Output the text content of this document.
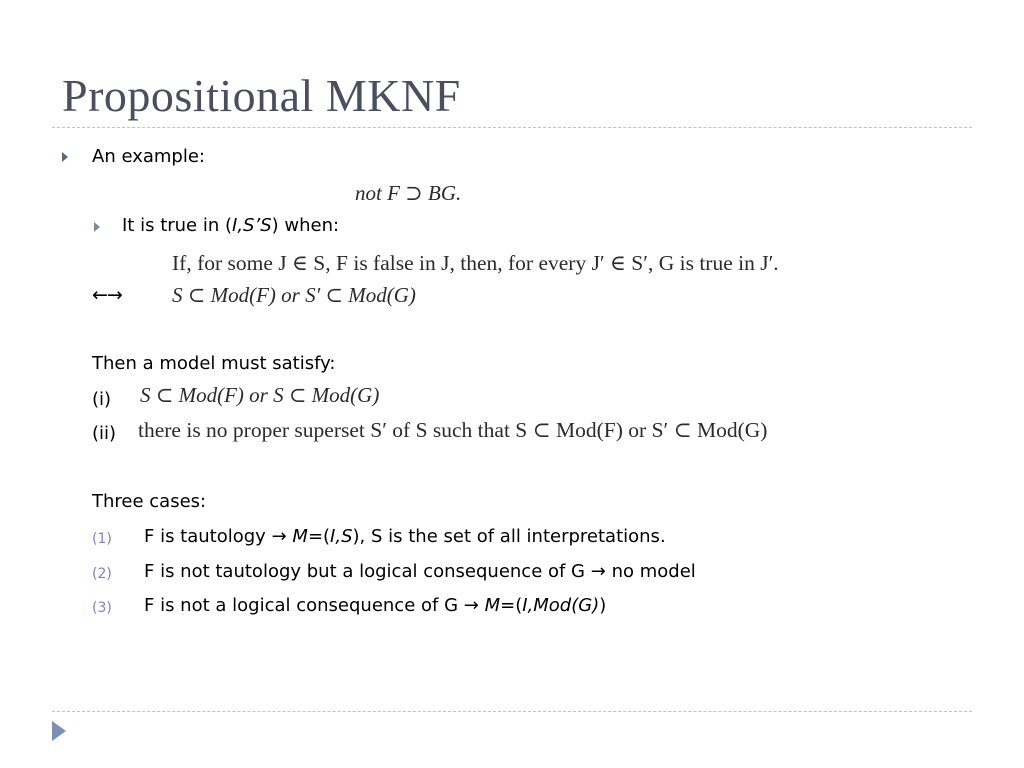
Propositional MKNF
An example:
not F ⊃ BG.
It is true in (I,S’S) when:
If, for some J ∈ S, F is false in J, then, for every J′ ∈ S′, G is true in J′.
←→ S ⊂ Mod(F) or S′ ⊂ Mod(G)
Then a model must satisfy:
(i) S ⊂ Mod(F) or S ⊂ Mod(G)
(ii) there is no proper superset S′ of S such that S ⊂ Mod(F) or S′ ⊂ Mod(G)
Three cases:
(1) F is tautology → M=(I,S), S is the set of all interpretations.
(2) F is not tautology but a logical consequence of G → no model
(3) F is not a logical consequence of G → M=(I,Mod(G))
